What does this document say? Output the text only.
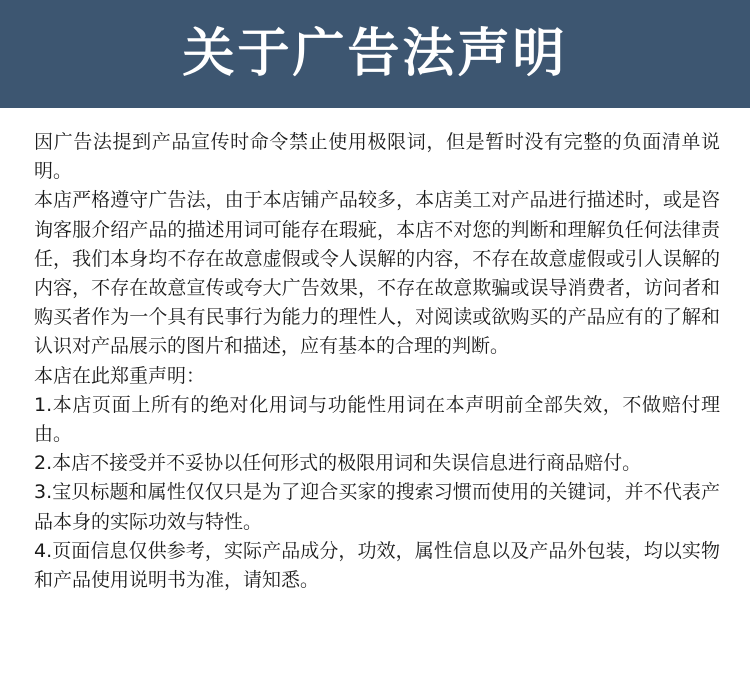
关于广告法声明

因广告法提到产品宣传时命令禁止使用极限词，但是暂时没有完整的负面清单说明。

本店严格遵守广告法，由于本店铺产品较多，本店美工对产品进行描述时，或是咨询客服介绍产品的描述用词可能存在瑕疵，本店不对您的判断和理解负任何法律责任，我们本身均不存在故意虚假或令人误解的内容，不存在故意虚假或引人误解的内容，不存在故意宣传或夸大广告效果，不存在故意欺骗或误导消费者，访问者和购买者作为一个具有民事行为能力的理性人，对阅读或欲购买的产品应有的了解和认识对产品展示的图片和描述，应有基本的合理的判断。

本店在此郑重声明：

1.本店页面上所有的绝对化用词与功能性用词在本声明前全部失效，不做赔付理由。

2.本店不接受并不妥协以任何形式的极限用词和失误信息进行商品赔付。

3.宝贝标题和属性仅仅只是为了迎合买家的搜索习惯而使用的关键词，并不代表产品本身的实际功效与特性。

4.页面信息仅供参考，实际产品成分，功效，属性信息以及产品外包装，均以实物和产品使用说明书为准，请知悉。
